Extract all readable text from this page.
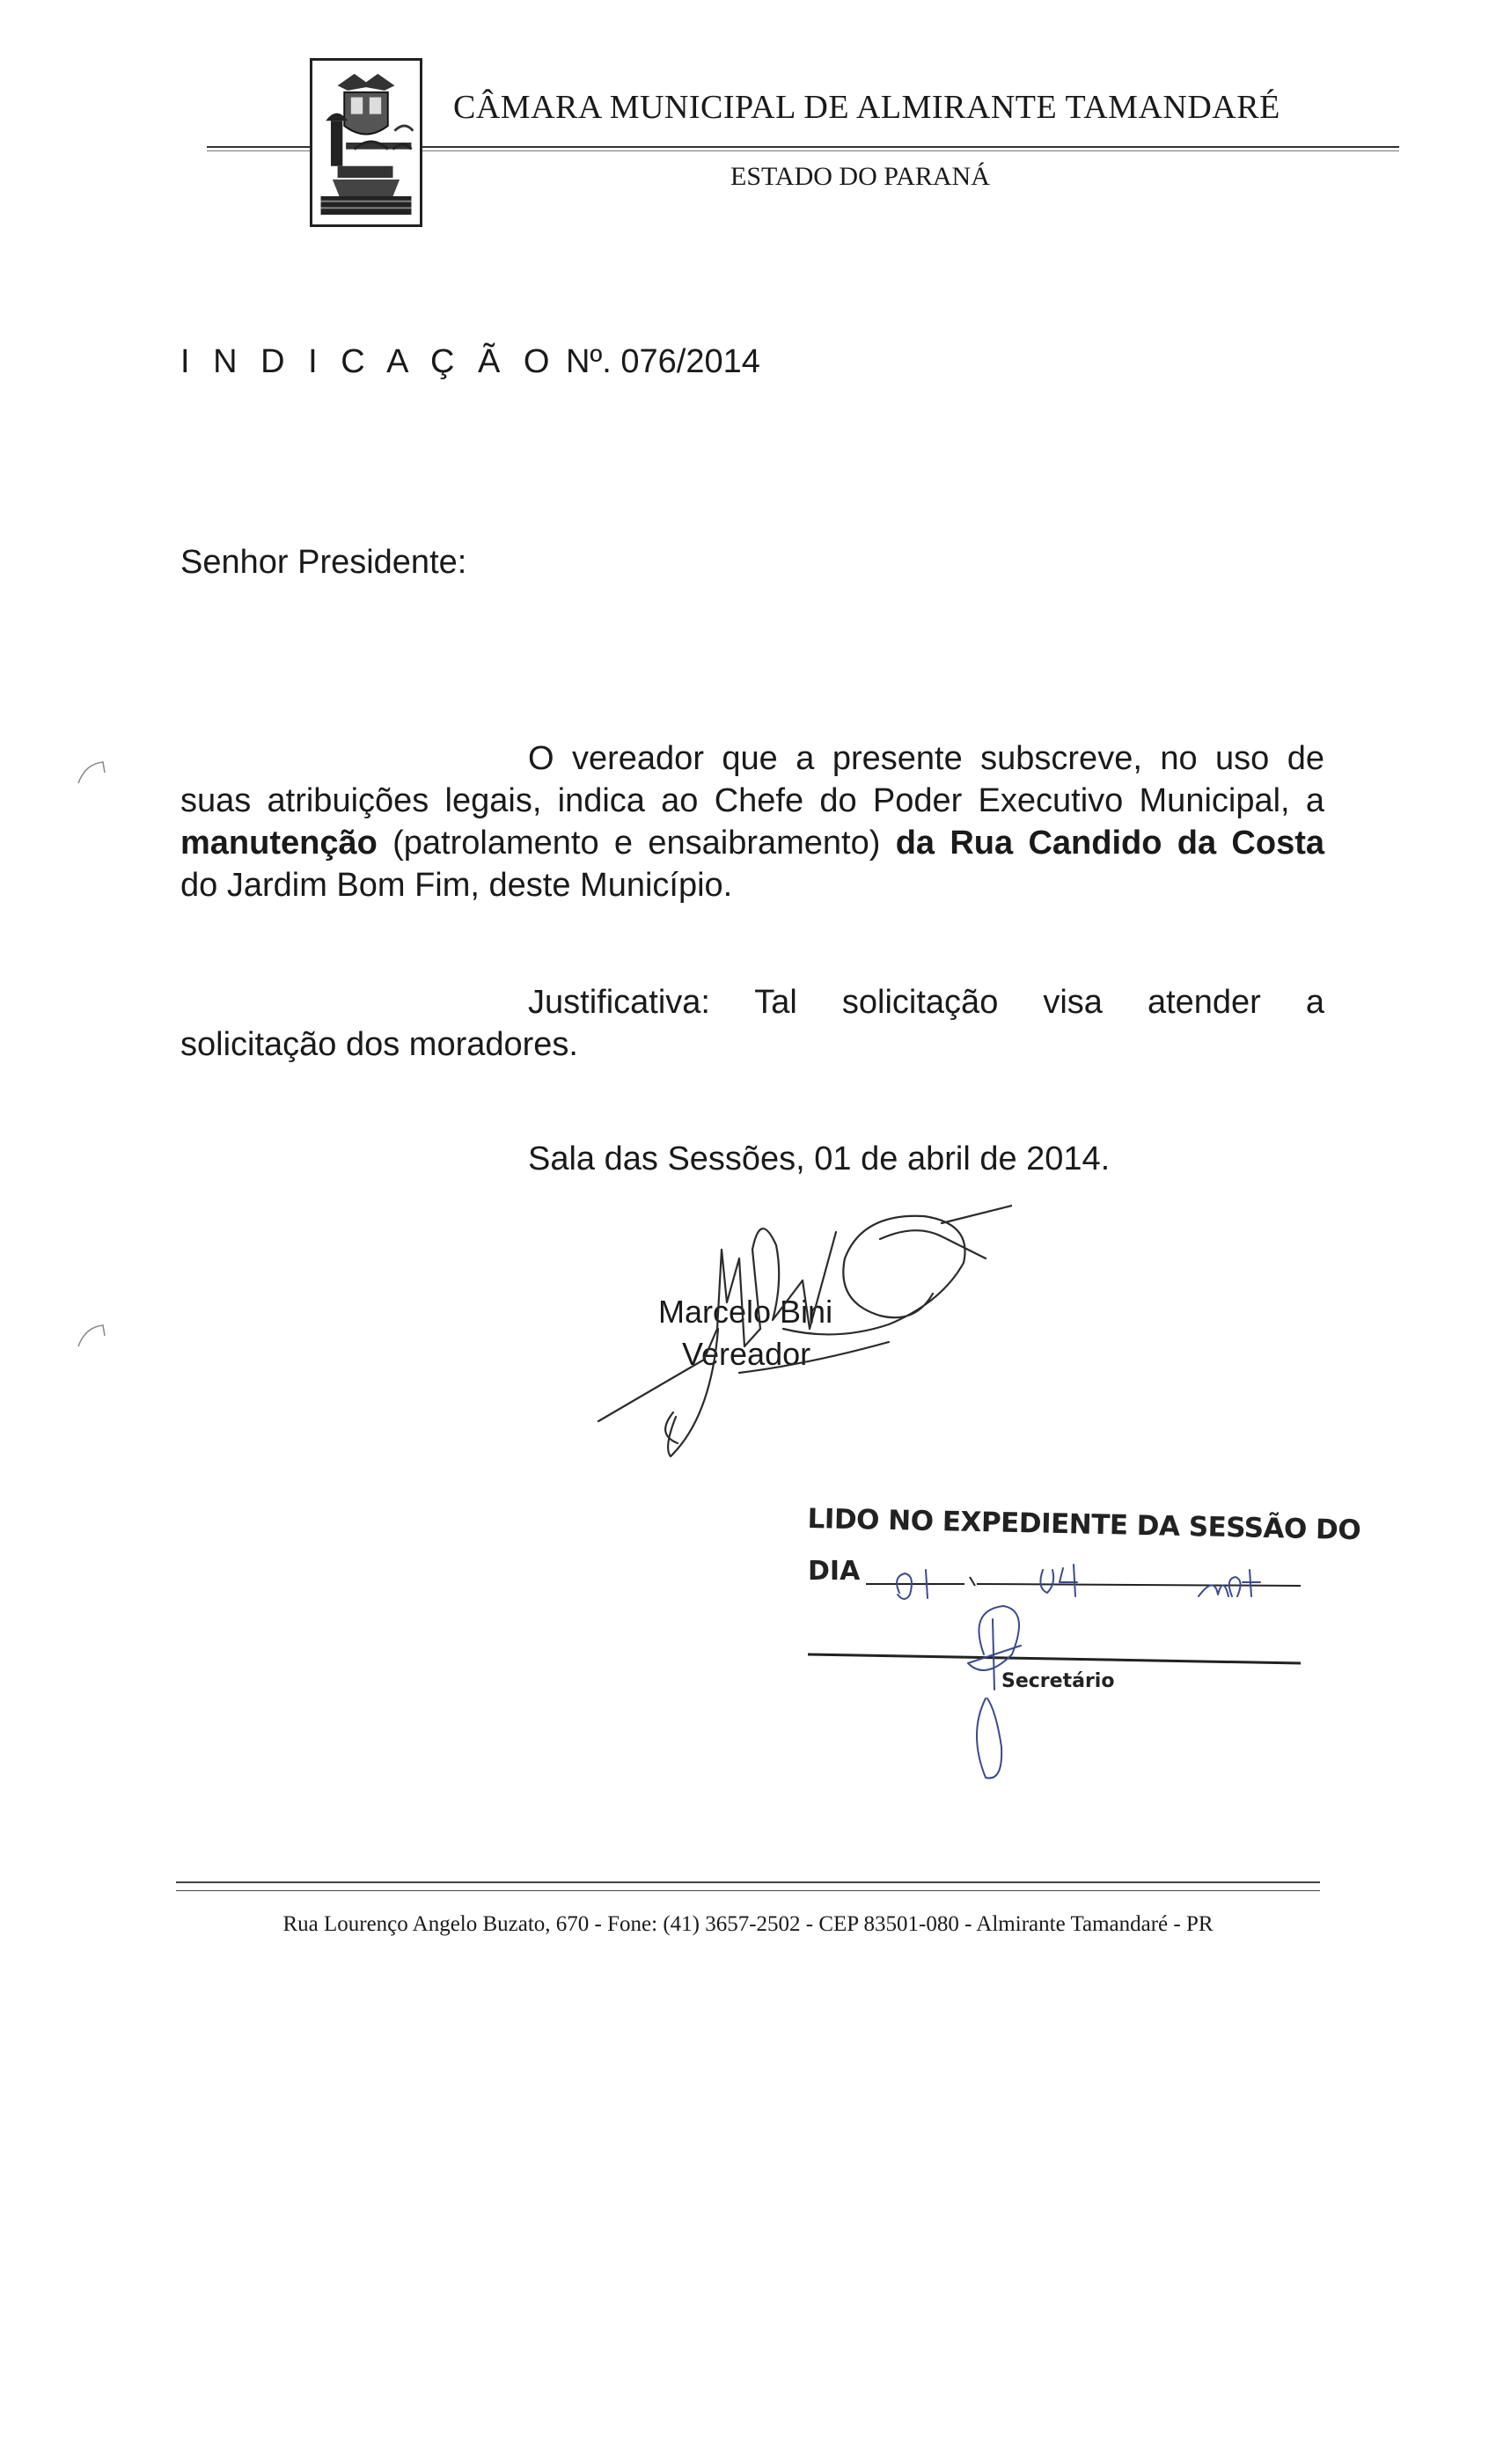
CÂMARA MUNICIPAL DE ALMIRANTE TAMANDARÉ
ESTADO DO PARANÁ
I N D I C A Ç Ã O Nº. 076/2014
Senhor Presidente:
O vereador que a presente subscreve, no uso de
suas atribuições legais, indica ao Chefe do Poder Executivo Municipal, a
manutenção (patrolamento e ensaibramento) da Rua Candido da Costa
do Jardim Bom Fim, deste Município.
Justificativa: Tal solicitação visa atender a
solicitação dos moradores.
Sala das Sessões, 01 de abril de 2014.
Marcelo Bini
Vereador
LIDO NO EXPEDIENTE DA SESSÃO DO
DIA
Secretário
Rua Lourenço Angelo Buzato, 670 - Fone: (41) 3657-2502 - CEP 83501-080 - Almirante Tamandaré - PR
